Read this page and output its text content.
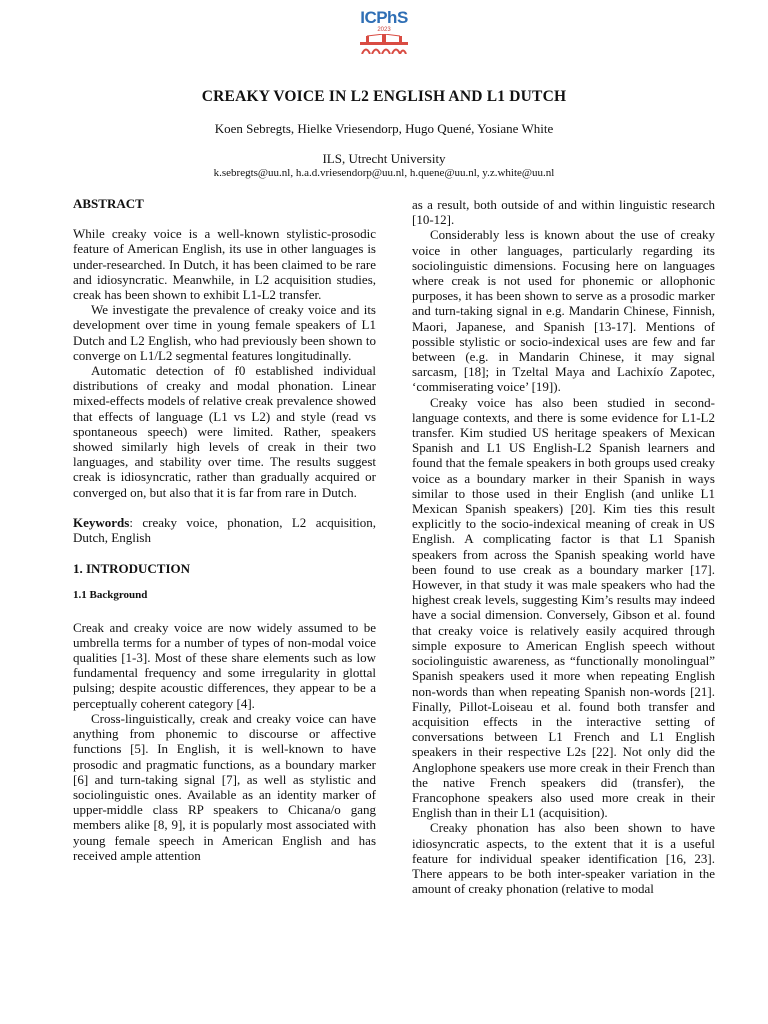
ICPhS
2023
CREAKY VOICE IN L2 ENGLISH AND L1 DUTCH
Koen Sebregts, Hielke Vriesendorp, Hugo Quené, Yosiane White
ILS, Utrecht University
k.sebregts@uu.nl, h.a.d.vriesendorp@uu.nl, h.quene@uu.nl, y.z.white@uu.nl

ABSTRACT

While creaky voice is a well-known stylistic-prosodic feature of American English, its use in other languages is under-researched. In Dutch, it has been claimed to be rare and idiosyncratic. Meanwhile, in L2 acquisition studies, creak has been shown to exhibit L1-L2 transfer.

We investigate the prevalence of creaky voice and its development over time in young female speakers of L1 Dutch and L2 English, who had previously been shown to converge on L1/L2 segmental features longitudinally.

Automatic detection of f0 established individual distributions of creaky and modal phonation. Linear mixed-effects models of relative creak prevalence showed that effects of language (L1 vs L2) and style (read vs spontaneous speech) were limited. Rather, speakers showed similarly high levels of creak in their two languages, and stability over time. The results suggest creak is idiosyncratic, rather than gradually acquired or converged on, but also that it is far from rare in Dutch.

Keywords: creaky voice, phonation, L2 acquisition, Dutch, English

1. INTRODUCTION

1.1 Background

Creak and creaky voice are now widely assumed to be umbrella terms for a number of types of non-modal voice qualities [1-3]. Most of these share elements such as low fundamental frequency and some irregularity in glottal pulsing; despite acoustic differences, they appear to be a perceptually coherent category [4].

Cross-linguistically, creak and creaky voice can have anything from phonemic to discourse or affective functions [5]. In English, it is well-known to have prosodic and pragmatic functions, as a boundary marker [6] and turn-taking signal [7], as well as stylistic and sociolinguistic ones. Available as an identity marker of upper-middle class RP speakers to Chicana/o gang members alike [8, 9], it is popularly most associated with young female speech in American English and has received ample attention

as a result, both outside of and within linguistic research [10-12].

Considerably less is known about the use of creaky voice in other languages, particularly regarding its sociolinguistic dimensions. Focusing here on languages where creak is not used for phonemic or allophonic purposes, it has been shown to serve as a prosodic marker and turn-taking signal in e.g. Mandarin Chinese, Finnish, Maori, Japanese, and Spanish [13-17]. Mentions of possible stylistic or socio-indexical uses are few and far between (e.g. in Mandarin Chinese, it may signal sarcasm, [18]; in Tzeltal Maya and Lachixío Zapotec, ‘commiserating voice’ [19]).

Creaky voice has also been studied in second-language contexts, and there is some evidence for L1-L2 transfer. Kim studied US heritage speakers of Mexican Spanish and L1 US English-L2 Spanish learners and found that the female speakers in both groups used creaky voice as a boundary marker in their Spanish in ways similar to those used in their English (and unlike L1 Mexican Spanish speakers) [20]. Kim ties this result explicitly to the socio-indexical meaning of creak in US English. A complicating factor is that L1 Spanish speakers from across the Spanish speaking world have been found to use creak as a boundary marker [17]. However, in that study it was male speakers who had the highest creak levels, suggesting Kim’s results may indeed have a social dimension. Conversely, Gibson et al. found that creaky voice is relatively easily acquired through simple exposure to American English speech without sociolinguistic awareness, as “functionally monolingual” Spanish speakers used it more when repeating English non-words than when repeating Spanish non-words [21]. Finally, Pillot-Loiseau et al. found both transfer and acquisition effects in the interactive setting of conversations between L1 French and L1 English speakers in their respective L2s [22]. Not only did the Anglophone speakers use more creak in their French than the native French speakers did (transfer), the Francophone speakers also used more creak in their English than in their L1 (acquisition).

Creaky phonation has also been shown to have idiosyncratic aspects, to the extent that it is a useful feature for individual speaker identification [16, 23]. There appears to be both inter-speaker variation in the amount of creaky phonation (relative to modal
